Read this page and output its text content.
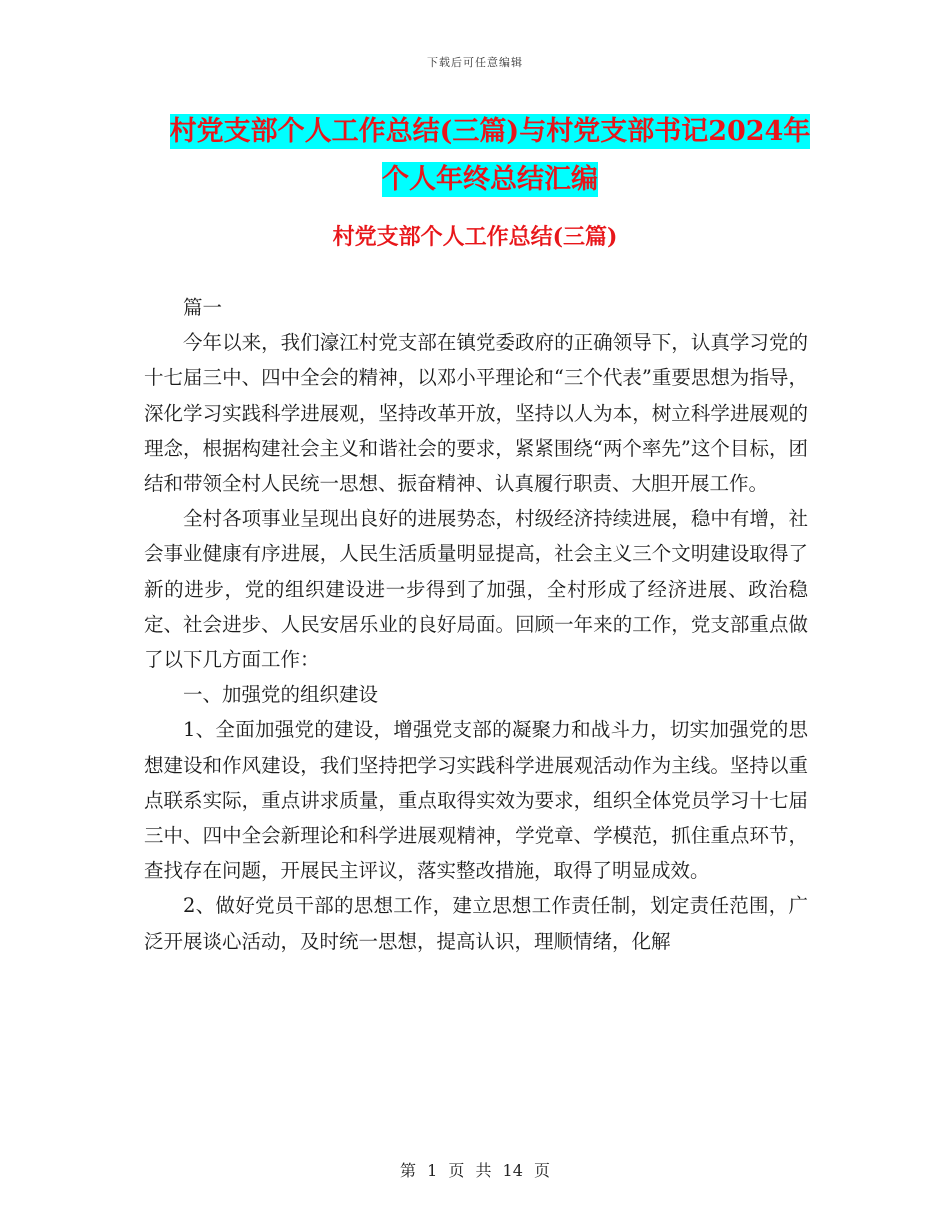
下载后可任意编辑
村党支部个人工作总结(三篇)与村党支部书记2024年
个人年终总结汇编
村党支部个人工作总结(三篇)

篇一

今年以来，我们濠江村党支部在镇党委政府的正确领导下，认真学习党的十七届三中、四中全会的精神，以邓小平理论和“三个代表”重要思想为指导，深化学习实践科学进展观，坚持改革开放，坚持以人为本，树立科学进展观的理念，根据构建社会主义和谐社会的要求，紧紧围绕“两个率先”这个目标，团结和带领全村人民统一思想、振奋精神、认真履行职责、大胆开展工作。

全村各项事业呈现出良好的进展势态，村级经济持续进展，稳中有增，社会事业健康有序进展，人民生活质量明显提高，社会主义三个文明建设取得了新的进步，党的组织建设进一步得到了加强，全村形成了经济进展、政治稳定、社会进步、人民安居乐业的良好局面。回顾一年来的工作，党支部重点做了以下几方面工作：

一、加强党的组织建设

1、全面加强党的建设，增强党支部的凝聚力和战斗力，切实加强党的思想建设和作风建设，我们坚持把学习实践科学进展观活动作为主线。坚持以重点联系实际，重点讲求质量，重点取得实效为要求，组织全体党员学习十七届三中、四中全会新理论和科学进展观精神，学党章、学模范，抓住重点环节，查找存在问题，开展民主评议，落实整改措施，取得了明显成效。

2、做好党员干部的思想工作，建立思想工作责任制，划定责任范围，广泛开展谈心活动，及时统一思想，提高认识，理顺情绪，化解

第 1 页 共 14 页
